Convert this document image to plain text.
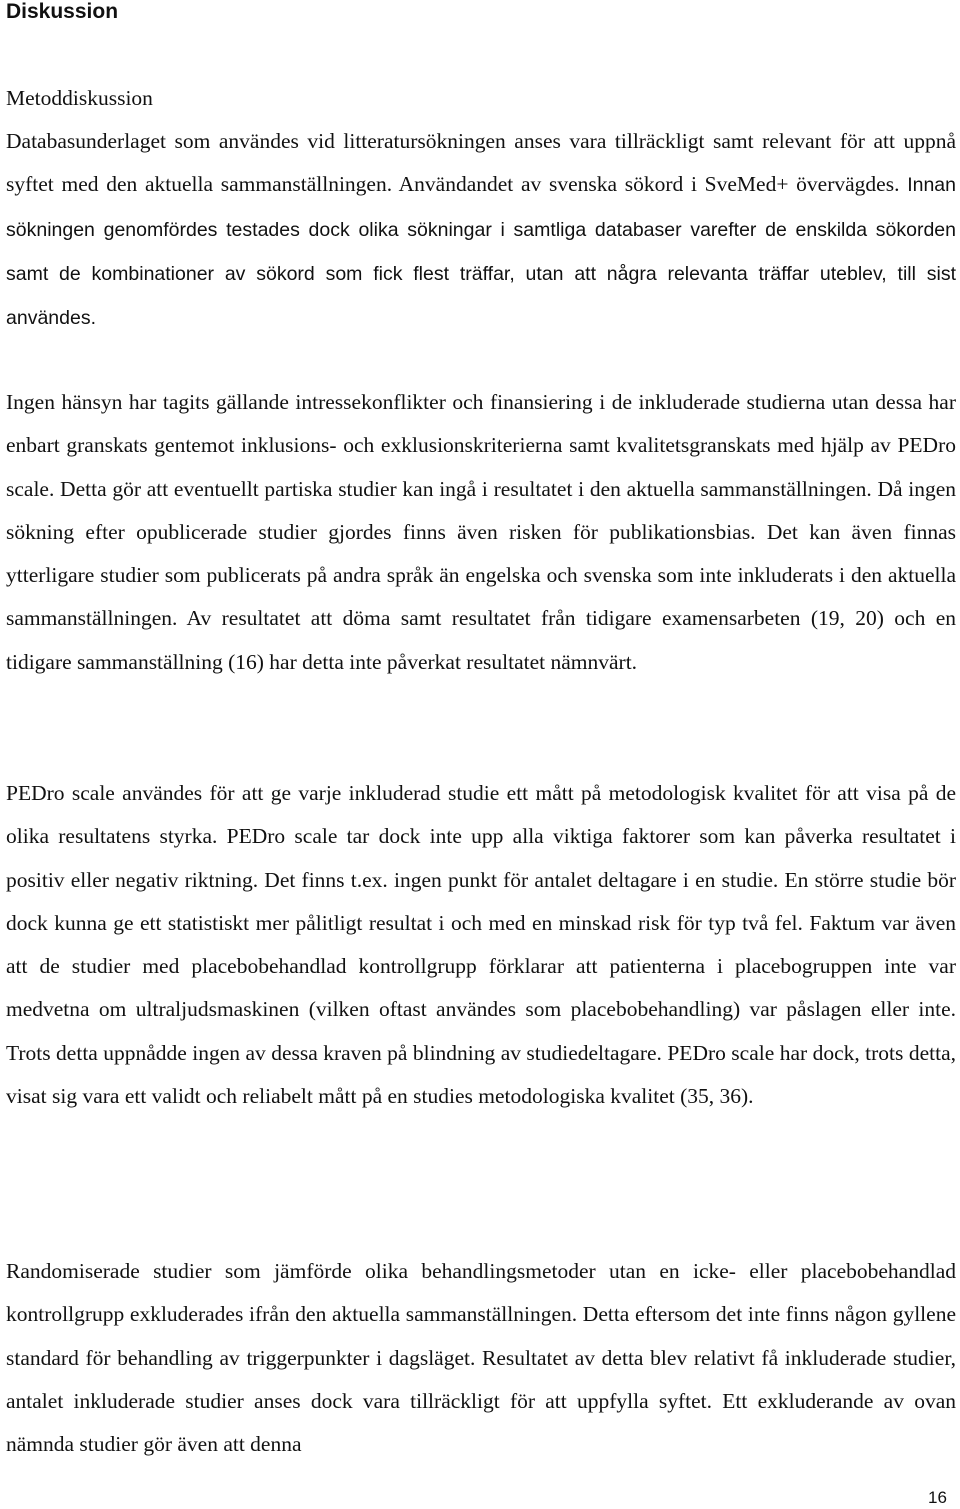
Diskussion
Metoddiskussion

Databasunderlaget som användes vid litteratursökningen anses vara tillräckligt samt relevant för att uppnå syftet med den aktuella sammanställningen. Användandet av svenska sökord i SveMed+ övervägdes. Innan sökningen genomfördes testades dock olika sökningar i samtliga databaser varefter de enskilda sökorden samt de kombinationer av sökord som fick flest träffar, utan att några relevanta träffar uteblev, till sist användes.

Ingen hänsyn har tagits gällande intressekonflikter och finansiering i de inkluderade studierna utan dessa har enbart granskats gentemot inklusions- och exklusionskriterierna samt kvalitetsgranskats med hjälp av PEDro scale. Detta gör att eventuellt partiska studier kan ingå i resultatet i den aktuella sammanställningen. Då ingen sökning efter opublicerade studier gjordes finns även risken för publikationsbias. Det kan även finnas ytterligare studier som publicerats på andra språk än engelska och svenska som inte inkluderats i den aktuella sammanställningen. Av resultatet att döma samt resultatet från tidigare examensarbeten (19, 20) och en tidigare sammanställning (16) har detta inte påverkat resultatet nämnvärt.

PEDro scale användes för att ge varje inkluderad studie ett mått på metodologisk kvalitet för att visa på de olika resultatens styrka. PEDro scale tar dock inte upp alla viktiga faktorer som kan påverka resultatet i positiv eller negativ riktning. Det finns t.ex. ingen punkt för antalet deltagare i en studie. En större studie bör dock kunna ge ett statistiskt mer pålitligt resultat i och med en minskad risk för typ två fel. Faktum var även att de studier med placebobehandlad kontrollgrupp förklarar att patienterna i placebogruppen inte var medvetna om ultraljudsmaskinen (vilken oftast användes som placebobehandling) var påslagen eller inte. Trots detta uppnådde ingen av dessa kraven på blindning av studiedeltagare. PEDro scale har dock, trots detta, visat sig vara ett validt och reliabelt mått på en studies metodologiska kvalitet (35, 36).

Randomiserade studier som jämförde olika behandlingsmetoder utan en icke- eller placebobehandlad kontrollgrupp exkluderades ifrån den aktuella sammanställningen. Detta eftersom det inte finns någon gyllene standard för behandling av triggerpunkter i dagsläget. Resultatet av detta blev relativt få inkluderade studier, antalet inkluderade studier anses dock vara tillräckligt för att uppfylla syftet. Ett exkluderande av ovan nämnda studier gör även att denna

16
